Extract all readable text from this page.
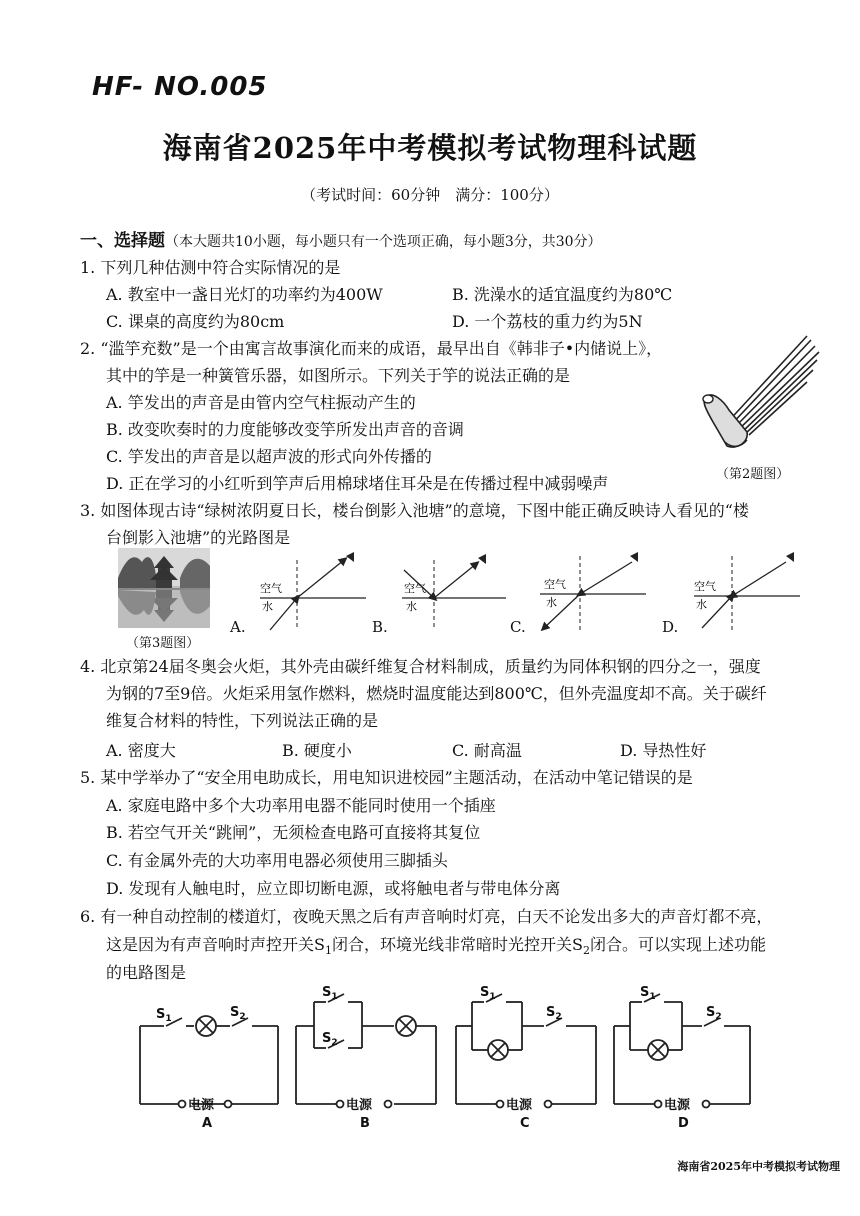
HF- NO.005
海南省2025年中考模拟考试物理科试题
（考试时间：60分钟　满分：100分）
一、选择题（本大题共10小题，每小题只有一个选项正确，每小题3分，共30分）
1. 下列几种估测中符合实际情况的是
A. 教室中一盏日光灯的功率约为400W	B. 洗澡水的适宜温度约为80℃
C. 课桌的高度约为80cm	D. 一个荔枝的重力约为5N
2. “滥竽充数”是一个由寓言故事演化而来的成语，最早出自《韩非子•内储说上》，
其中的竽是一种簧管乐器，如图所示。下列关于竽的说法正确的是
A. 竽发出的声音是由管内空气柱振动产生的
B. 改变吹奏时的力度能够改变竽所发出声音的音调
C. 竽发出的声音是以超声波的形式向外传播的
D. 正在学习的小红听到竽声后用棉球堵住耳朵是在传播过程中减弱噪声	（第2题图）
3. 如图体现古诗“绿树浓阴夏日长，楼台倒影入池塘”的意境，下图中能正确反映诗人看见的“楼
台倒影入池塘”的光路图是
（第3题图）
空气
水
空气
水
空气
水
空气
水
A.	B.	C.	D.
4. 北京第24届冬奥会火炬，其外壳由碳纤维复合材料制成，质量约为同体积钢的四分之一，强度
为钢的7至9倍。火炬采用氢作燃料，燃烧时温度能达到800℃，但外壳温度却不高。关于碳纤
维复合材料的特性，下列说法正确的是
A. 密度大	B. 硬度小	C. 耐高温	D. 导热性好
5. 某中学举办了“安全用电助成长，用电知识进校园”主题活动，在活动中笔记错误的是
A. 家庭电路中多个大功率用电器不能同时使用一个插座
B. 若空气开关“跳闸”，无须检查电路可直接将其复位
C. 有金属外壳的大功率用电器必须使用三脚插头
D. 发现有人触电时，应立即切断电源，或将触电者与带电体分离
6. 有一种自动控制的楼道灯，夜晚天黑之后有声音响时灯亮，白天不论发出多大的声音灯都不亮，
这是因为有声音响时声控开关$S_1$闭合，环境光线非常暗时光控开关$S_2$闭合。可以实现上述功能
的电路图是
$S_1$	$S_2$
$S_1$
$S_2$
$S_1$
$S_2$
$S_1$
$S_2$
电源	电源	电源	电源
A	B	C	D
海南省2025年中考模拟考试物理
